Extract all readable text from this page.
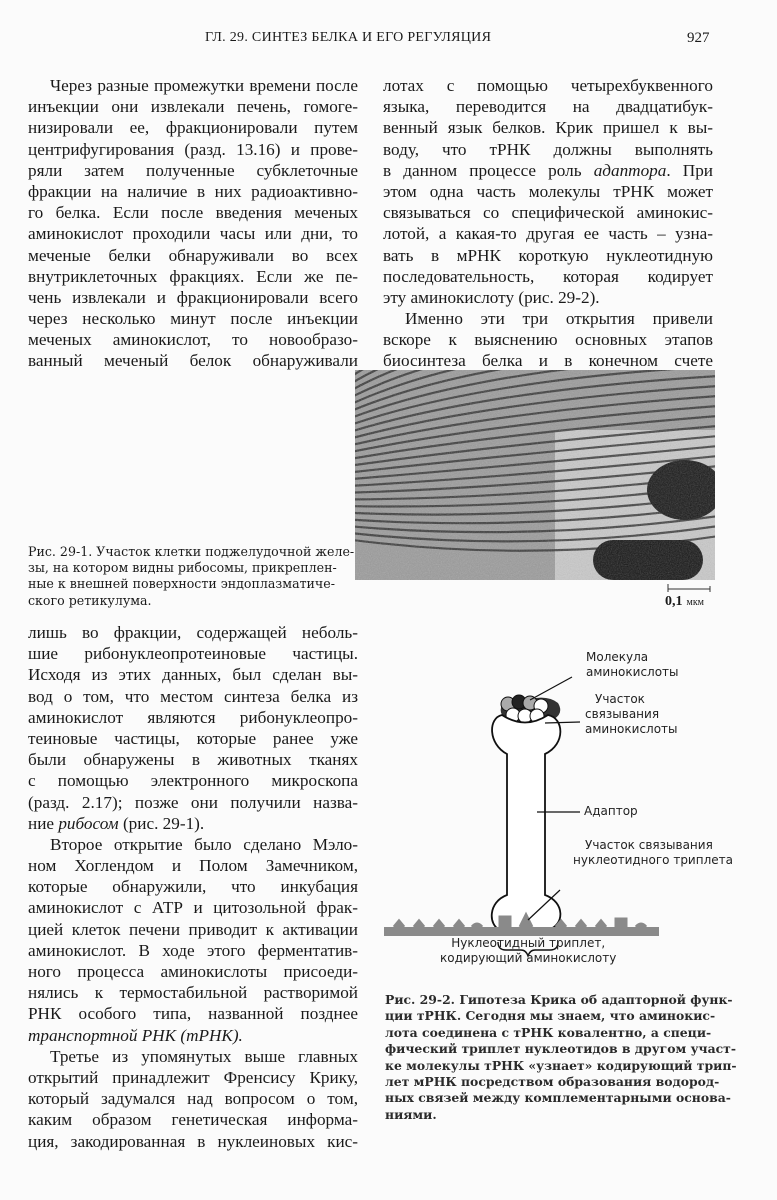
ГЛ. 29. СИНТЕЗ БЕЛКА И ЕГО РЕГУЛЯЦИЯ	927
Через разные промежутки времени после
инъекции они извлекали печень, гомоге-
низировали ее, фракционировали путем
центрифугирования (разд. 13.16) и прове-
ряли затем полученные субклеточные
фракции на наличие в них радиоактивно-
го белка. Если после введения меченых
аминокислот проходили часы или дни, то
меченые белки обнаруживали во всех
внутриклеточных фракциях. Если же пе-
чень извлекали и фракционировали всего
через несколько минут после инъекции
меченых аминокислот, то новообразо-
ванный меченый белок обнаруживали
лотах с помощью четырехбуквенного
языка, переводится на двадцатибук-
венный язык белков. Крик пришел к вы-
воду, что тРНК должны выполнять
в данном процессе роль адаптора. При
этом одна часть молекулы тРНК может
связываться со специфической аминокис-
лотой, а какая-то другая ее часть – узна-
вать в мРНК короткую нуклеотидную
последовательность, которая кодирует
эту аминокислоту (рис. 29-2).
Именно эти три открытия привели
вскоре к выяснению основных этапов
биосинтеза белка и в конечном счете
Рис. 29-1. Участок клетки поджелудочной желе-
зы, на котором видны рибосомы, прикреплен-
ные к внешней поверхности эндоплазматиче-
ского ретикулума.	0,1 мкм
лишь во фракции, содержащей неболь-
шие рибонуклеопротеиновые частицы.
Исходя из этих данных, был сделан вы-
вод о том, что местом синтеза белка из
аминокислот являются рибонуклеопро-
теиновые частицы, которые ранее уже
были обнаружены в животных тканях
с помощью электронного микроскопа
(разд. 2.17); позже они получили назва-
ние рибосом (рис. 29-1).
Второе открытие было сделано Мэло-
ном Хоглендом и Полом Замечником,
которые обнаружили, что инкубация
аминокислот с АТР и цитозольной фрак-
цией клеток печени приводит к активации
аминокислот. В ходе этого ферментатив-
ного процесса аминокислоты присоеди-
нялись к термостабильной растворимой
РНК особого типа, названной позднее
транспортной РНК (тРНК).
Третье из упомянутых выше главных
открытий принадлежит Френсису Крику,
который задумался над вопросом о том,
каким образом генетическая информа-
ция, закодированная в нуклеиновых кис-
Молекула
аминокислоты
Участок
связывания
аминокислоты
Адаптор
Участок связывания
нуклеотидного триплета
Нуклеотидный триплет,
кодирующий аминокислоту
Рис. 29-2. Гипотеза Крика об адапторной функ-
ции тРНК. Сегодня мы знаем, что аминокис-
лота соединена с тРНК ковалентно, а специ-
фический триплет нуклеотидов в другом участ-
ке молекулы тРНК «узнает» кодирующий трип-
лет мРНК посредством образования водород-
ных связей между комплементарными основа-
ниями.
